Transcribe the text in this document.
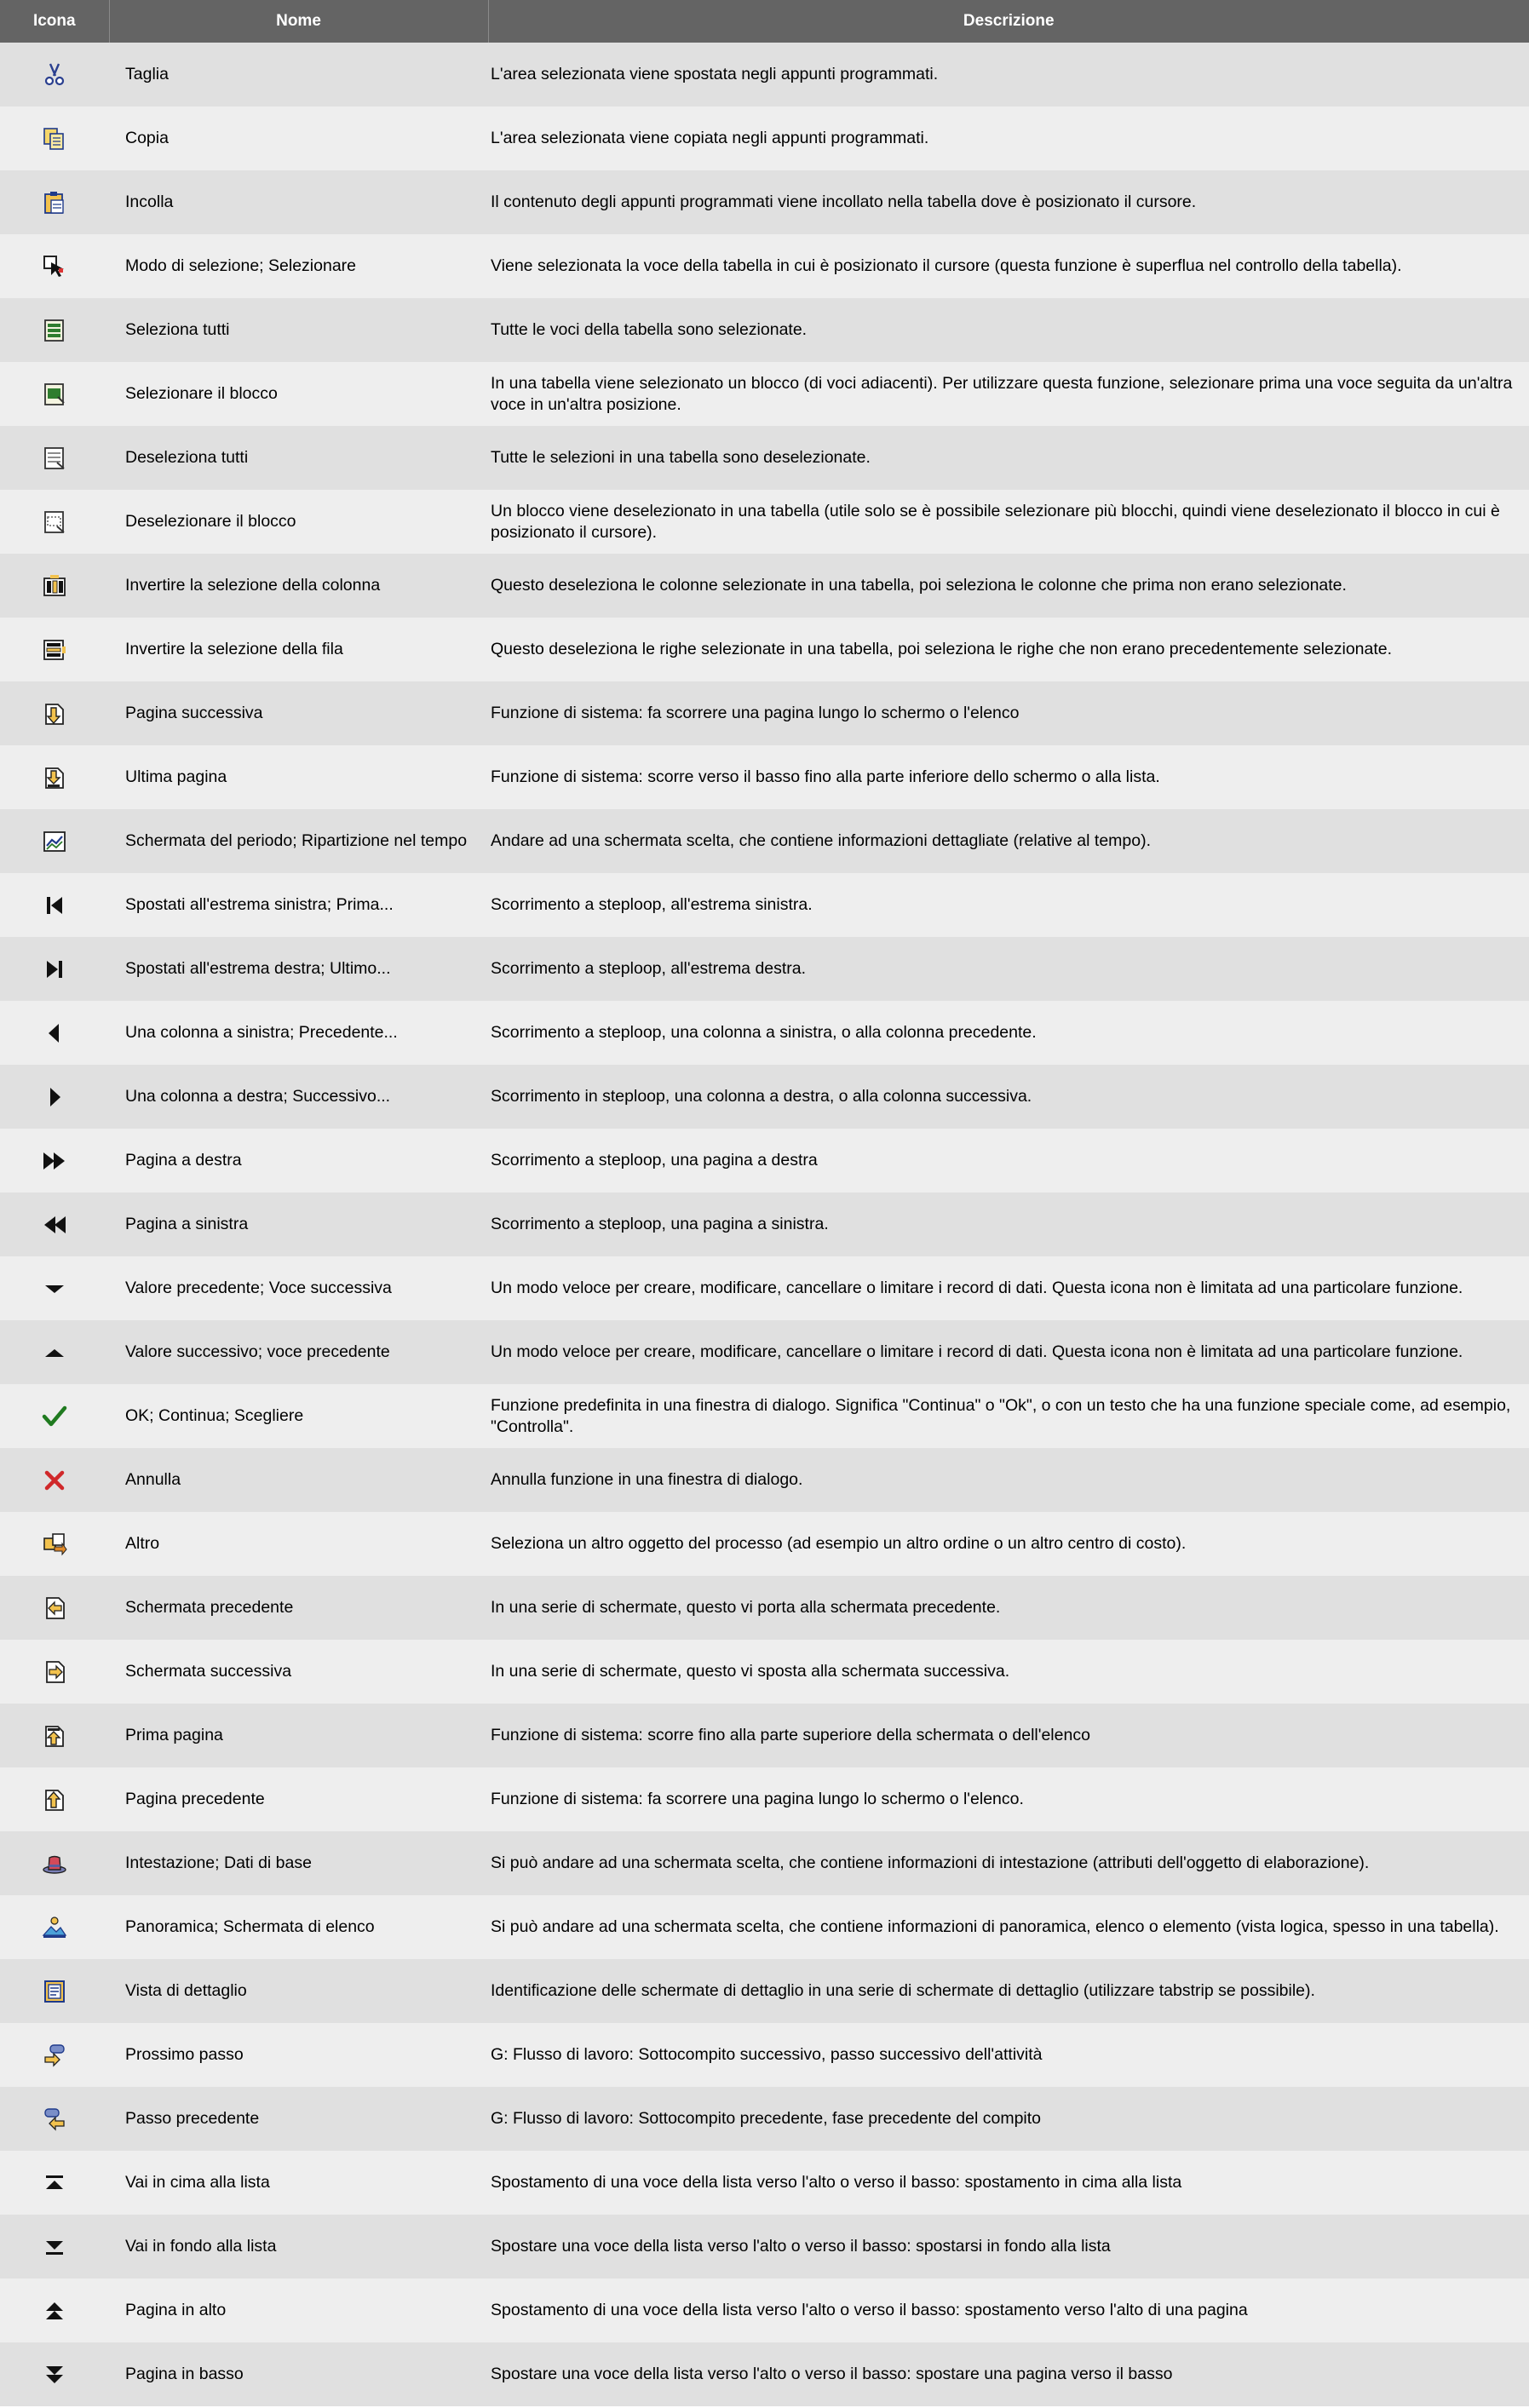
Icona	Nome	Descrizione

	Taglia	L'area selezionata viene spostata negli appunti programmati.

	Copia	L'area selezionata viene copiata negli appunti programmati.

	Incolla	Il contenuto degli appunti programmati viene incollato nella tabella dove è posizionato il cursore.

	Modo di selezione; Selezionare	Viene selezionata la voce della tabella in cui è posizionato il cursore (questa funzione è superflua nel controllo della tabella).

	Seleziona tutti	Tutte le voci della tabella sono selezionate.

	Selezionare il blocco	In una tabella viene selezionato un blocco (di voci adiacenti). Per utilizzare questa funzione, selezionare prima una voce seguita da un'altra voce in un'altra posizione.

	Deseleziona tutti	Tutte le selezioni in una tabella sono deselezionate.

	Deselezionare il blocco	Un blocco viene deselezionato in una tabella (utile solo se è possibile selezionare più blocchi, quindi viene deselezionato il blocco in cui è posizionato il cursore).

	Invertire la selezione della colonna	Questo deseleziona le colonne selezionate in una tabella, poi seleziona le colonne che prima non erano selezionate.

	Invertire la selezione della fila	Questo deseleziona le righe selezionate in una tabella, poi seleziona le righe che non erano precedentemente selezionate.

	Pagina successiva	Funzione di sistema: fa scorrere una pagina lungo lo schermo o l'elenco

	Ultima pagina	Funzione di sistema: scorre verso il basso fino alla parte inferiore dello schermo o alla lista.

	Schermata del periodo; Ripartizione nel tempo	Andare ad una schermata scelta, che contiene informazioni dettagliate (relative al tempo).

	Spostati all'estrema sinistra; Prima...	Scorrimento a steploop, all'estrema sinistra.

	Spostati all'estrema destra; Ultimo...	Scorrimento a steploop, all'estrema destra.

	Una colonna a sinistra; Precedente...	Scorrimento a steploop, una colonna a sinistra, o alla colonna precedente.

	Una colonna a destra; Successivo...	Scorrimento in steploop, una colonna a destra, o alla colonna successiva.

	Pagina a destra	Scorrimento a steploop, una pagina a destra

	Pagina a sinistra	Scorrimento a steploop, una pagina a sinistra.

	Valore precedente; Voce successiva	Un modo veloce per creare, modificare, cancellare o limitare i record di dati. Questa icona non è limitata ad una particolare funzione.

	Valore successivo; voce precedente	Un modo veloce per creare, modificare, cancellare o limitare i record di dati. Questa icona non è limitata ad una particolare funzione.

	OK; Continua; Scegliere	Funzione predefinita in una finestra di dialogo. Significa "Continua" o "Ok", o con un testo che ha una funzione speciale come, ad esempio, "Controlla".

	Annulla	Annulla funzione in una finestra di dialogo.

	Altro	Seleziona un altro oggetto del processo (ad esempio un altro ordine o un altro centro di costo).

	Schermata precedente	In una serie di schermate, questo vi porta alla schermata precedente.

	Schermata successiva	In una serie di schermate, questo vi sposta alla schermata successiva.

	Prima pagina	Funzione di sistema: scorre fino alla parte superiore della schermata o dell'elenco

	Pagina precedente	Funzione di sistema: fa scorrere una pagina lungo lo schermo o l'elenco.

	Intestazione; Dati di base	Si può andare ad una schermata scelta, che contiene informazioni di intestazione (attributi dell'oggetto di elaborazione).

	Panoramica; Schermata di elenco	Si può andare ad una schermata scelta, che contiene informazioni di panoramica, elenco o elemento (vista logica, spesso in una tabella).

	Vista di dettaglio	Identificazione delle schermate di dettaglio in una serie di schermate di dettaglio (utilizzare tabstrip se possibile).

	Prossimo passo	G: Flusso di lavoro: Sottocompito successivo, passo successivo dell'attività

	Passo precedente	G: Flusso di lavoro: Sottocompito precedente, fase precedente del compito

	Vai in cima alla lista	Spostamento di una voce della lista verso l'alto o verso il basso: spostamento in cima alla lista

	Vai in fondo alla lista	Spostare una voce della lista verso l'alto o verso il basso: spostarsi in fondo alla lista

	Pagina in alto	Spostamento di una voce della lista verso l'alto o verso il basso: spostamento verso l'alto di una pagina

	Pagina in basso	Spostare una voce della lista verso l'alto o verso il basso: spostare una pagina verso il basso
